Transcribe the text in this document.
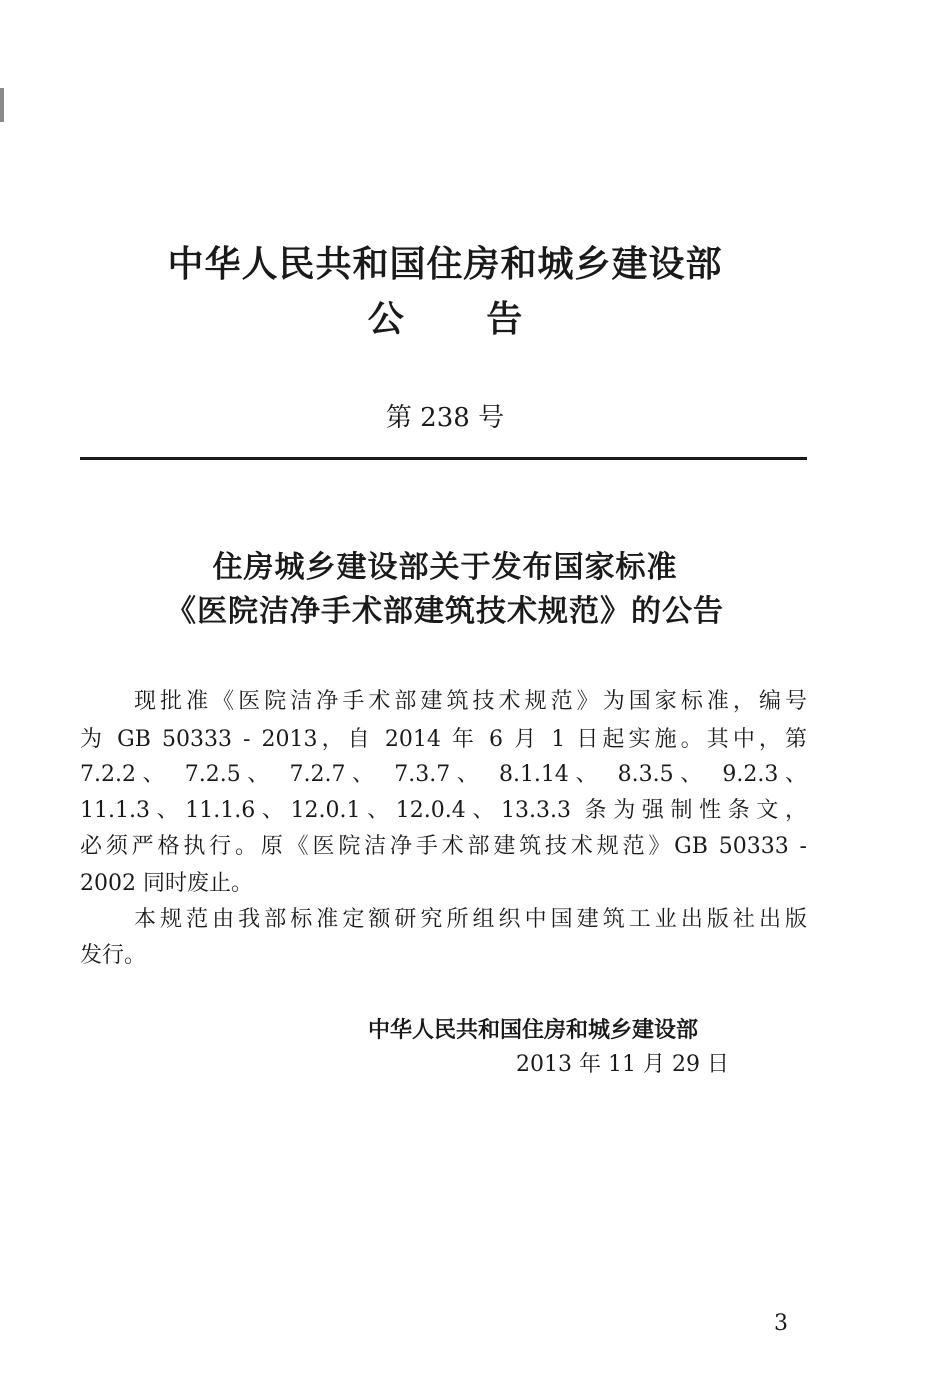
中华人民共和国住房和城乡建设部
公 告
第 238 号
住房城乡建设部关于发布国家标准
《医院洁净手术部建筑技术规范》的公告
现批准《医院洁净手术部建筑技术规范》为国家标准，编号
为 GB 50333 - 2013，自 2014 年 6 月 1 日起实施。其中，第
7.2.2、 7.2.5、 7.2.7、 7.3.7、 8.1.14、 8.3.5、 9.2.3、
11.1.3、11.1.6、12.0.1、12.0.4、13.3.3 条为强制性条文，
必须严格执行。原《医院洁净手术部建筑技术规范》GB 50333 -
2002 同时废止。
本规范由我部标准定额研究所组织中国建筑工业出版社出版
发行。
中华人民共和国住房和城乡建设部
2013 年 11 月 29 日
3
